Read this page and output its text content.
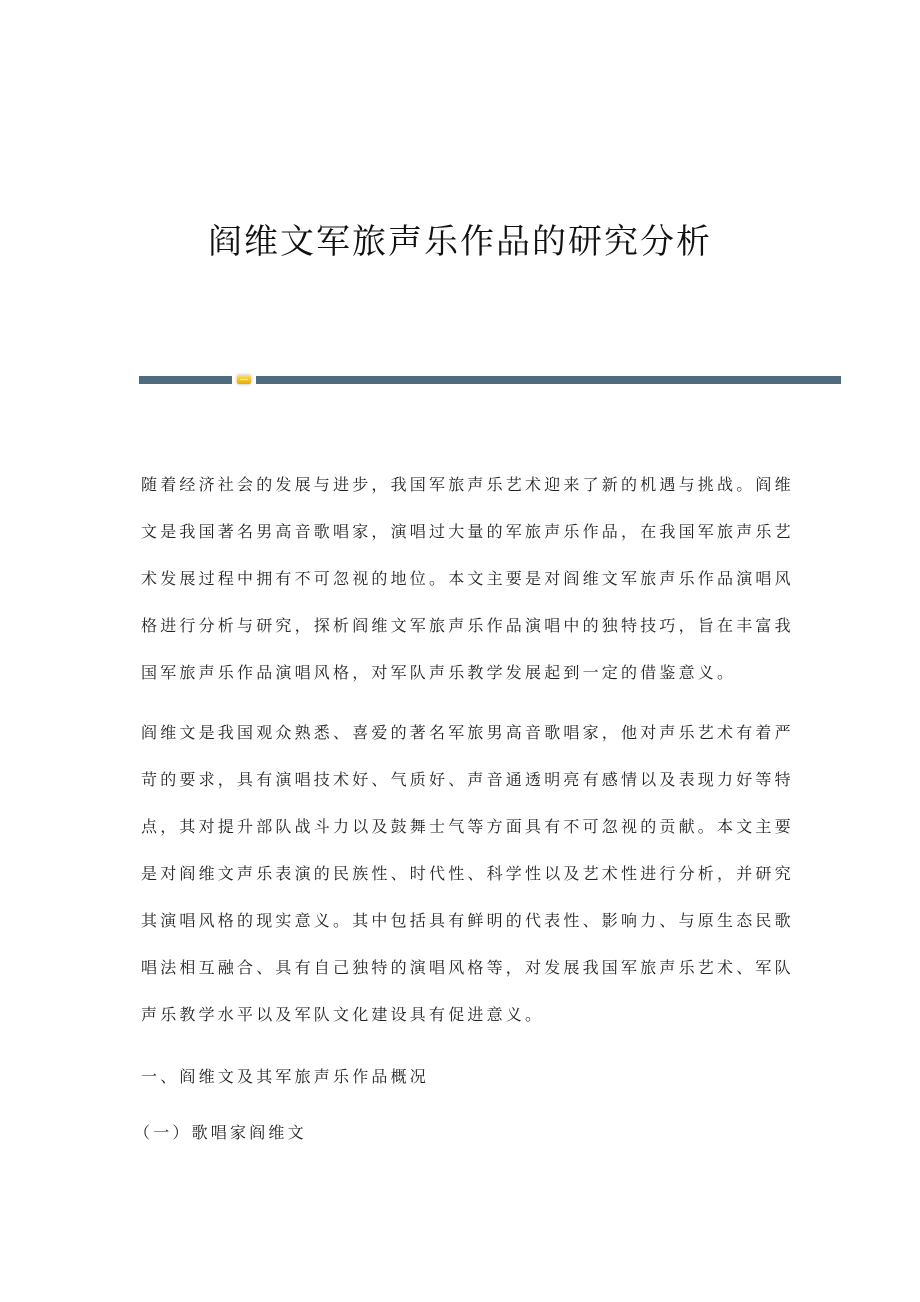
阎维文军旅声乐作品的研究分析
随着经济社会的发展与进步，我国军旅声乐艺术迎来了新的机遇与挑战。阎维
文是我国著名男高音歌唱家，演唱过大量的军旅声乐作品，在我国军旅声乐艺
术发展过程中拥有不可忽视的地位。本文主要是对阎维文军旅声乐作品演唱风
格进行分析与研究，探析阎维文军旅声乐作品演唱中的独特技巧，旨在丰富我
国军旅声乐作品演唱风格，对军队声乐教学发展起到一定的借鉴意义。
阎维文是我国观众熟悉、喜爱的著名军旅男高音歌唱家，他对声乐艺术有着严
苛的要求，具有演唱技术好、气质好、声音通透明亮有感情以及表现力好等特
点，其对提升部队战斗力以及鼓舞士气等方面具有不可忽视的贡献。本文主要
是对阎维文声乐表演的民族性、时代性、科学性以及艺术性进行分析，并研究
其演唱风格的现实意义。其中包括具有鲜明的代表性、影响力、与原生态民歌
唱法相互融合、具有自己独特的演唱风格等，对发展我国军旅声乐艺术、军队
声乐教学水平以及军队文化建设具有促进意义。
一、阎维文及其军旅声乐作品概况
（一）歌唱家阎维文
